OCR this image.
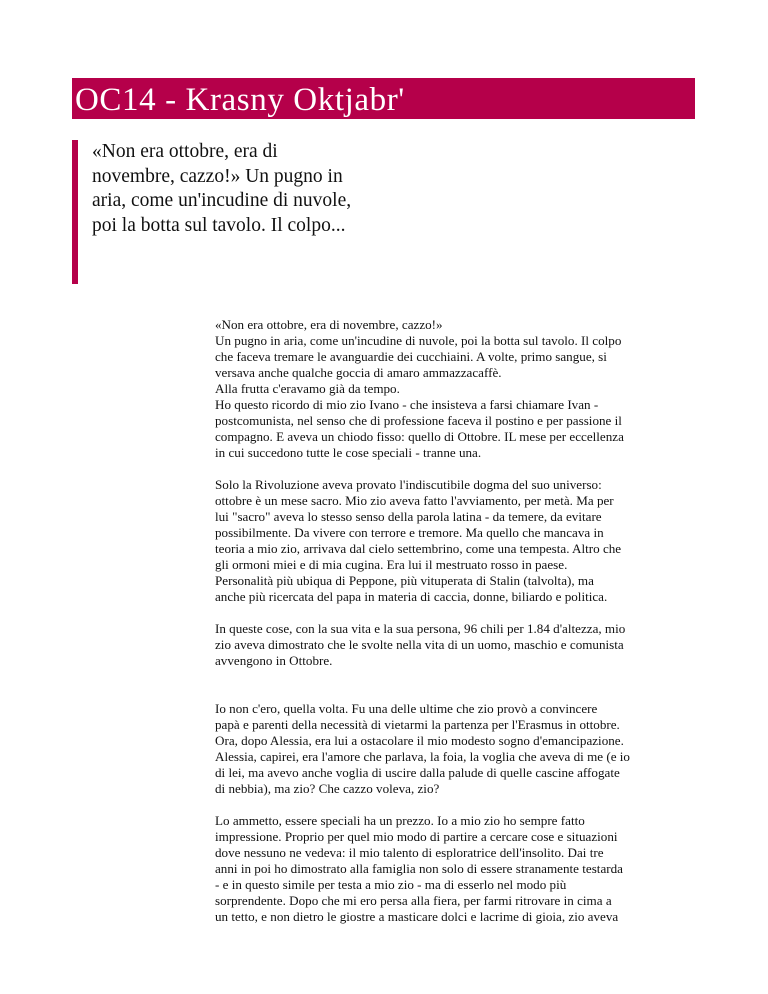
OC14 - Krasny Oktjabr'

«Non era ottobre, era di novembre, cazzo!» Un pugno in aria, come un'incudine di nuvole, poi la botta sul tavolo. Il colpo...

«Non era ottobre, era di novembre, cazzo!»
Un pugno in aria, come un'incudine di nuvole, poi la botta sul tavolo. Il colpo
che faceva tremare le avanguardie dei cucchiaini. A volte, primo sangue, si
versava anche qualche goccia di amaro ammazzacaffè.
Alla frutta c'eravamo già da tempo.
Ho questo ricordo di mio zio Ivano - che insisteva a farsi chiamare Ivan -
postcomunista, nel senso che di professione faceva il postino e per passione il
compagno. E aveva un chiodo fisso: quello di Ottobre. IL mese per eccellenza
in cui succedono tutte le cose speciali - tranne una.

Solo la Rivoluzione aveva provato l'indiscutibile dogma del suo universo:
ottobre è un mese sacro. Mio zio aveva fatto l'avviamento, per metà. Ma per
lui "sacro" aveva lo stesso senso della parola latina - da temere, da evitare
possibilmente. Da vivere con terrore e tremore. Ma quello che mancava in
teoria a mio zio, arrivava dal cielo settembrino, come una tempesta. Altro che
gli ormoni miei e di mia cugina. Era lui il mestruato rosso in paese.
Personalità più ubiqua di Peppone, più vituperata di Stalin (talvolta), ma
anche più ricercata del papa in materia di caccia, donne, biliardo e politica.

In queste cose, con la sua vita e la sua persona, 96 chili per 1.84 d'altezza, mio
zio aveva dimostrato che le svolte nella vita di un uomo, maschio e comunista
avvengono in Ottobre.

Io non c'ero, quella volta. Fu una delle ultime che zio provò a convincere
papà e parenti della necessità di vietarmi la partenza per l'Erasmus in ottobre.
Ora, dopo Alessia, era lui a ostacolare il mio modesto sogno d'emancipazione.
Alessia, capirei, era l'amore che parlava, la foia, la voglia che aveva di me (e io
di lei, ma avevo anche voglia di uscire dalla palude di quelle cascine affogate
di nebbia), ma zio? Che cazzo voleva, zio?

Lo ammetto, essere speciali ha un prezzo. Io a mio zio ho sempre fatto
impressione. Proprio per quel mio modo di partire a cercare cose e situazioni
dove nessuno ne vedeva: il mio talento di esploratrice dell'insolito. Dai tre
anni in poi ho dimostrato alla famiglia non solo di essere stranamente testarda
- e in questo simile per testa a mio zio - ma di esserlo nel modo più
sorprendente. Dopo che mi ero persa alla fiera, per farmi ritrovare in cima a
un tetto, e non dietro le giostre a masticare dolci e lacrime di gioia, zio aveva
